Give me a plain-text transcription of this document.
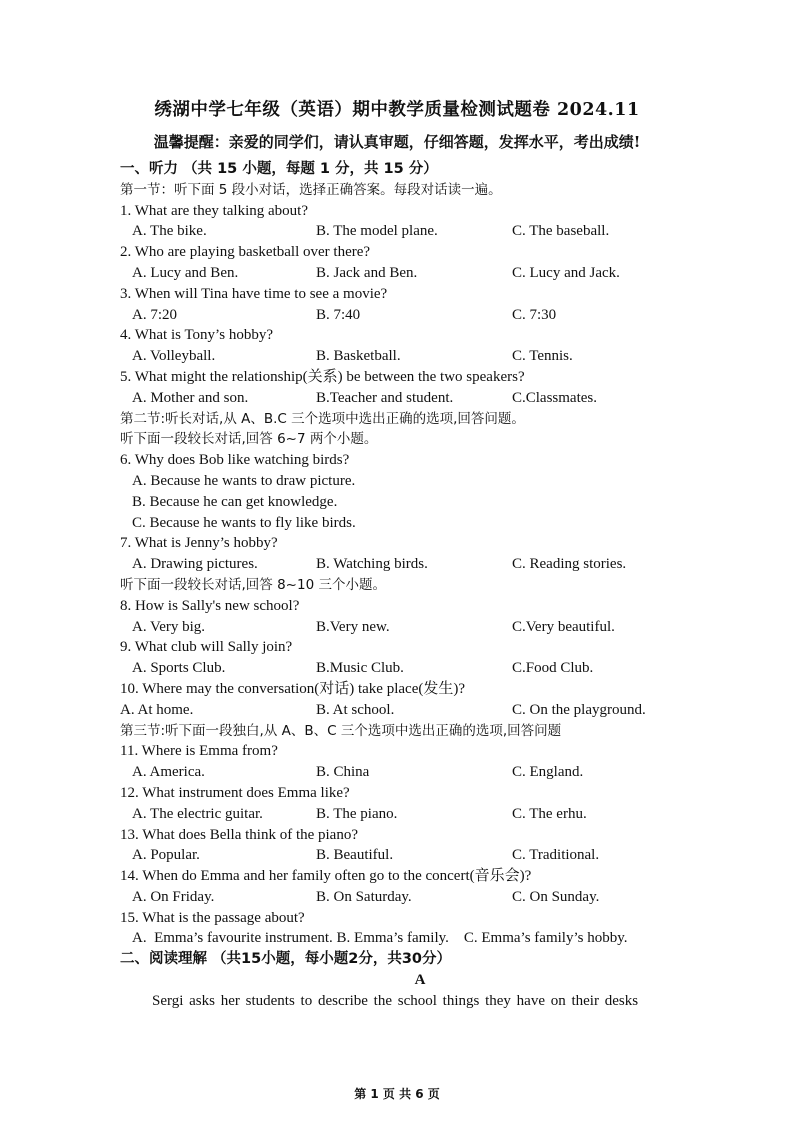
绣湖中学七年级（英语）期中教学质量检测试题卷 2024.11
温馨提醒：亲爱的同学们，请认真审题，仔细答题，发挥水平，考出成绩!
一、听力 （共 15 小题，每题 1 分，共 15 分）
第一节：听下面 5 段小对话，选择正确答案。每段对话读一遍。
1. What are they talking about?
A. The bike.	B. The model plane.	C. The baseball.
2. Who are playing basketball over there?
A. Lucy and Ben.	B. Jack and Ben.	C. Lucy and Jack.
3. When will Tina have time to see a movie?
A. 7:20	B. 7:40	C. 7:30
4. What is Tony’s hobby?
A. Volleyball.	B. Basketball.	C. Tennis.
5. What might the relationship(关系) be between the two speakers?
A. Mother and son.	B.Teacher and student.	C.Classmates.
第二节:听长对话,从 A、B.C 三个选项中选出正确的选项,回答问题。
听下面一段较长对话,回答 6~7 两个小题。
6. Why does Bob like watching birds?
A. Because he wants to draw picture.
B. Because he can get knowledge.
C. Because he wants to fly like birds.
7. What is Jenny’s hobby?
A. Drawing pictures.	B. Watching birds.	C. Reading stories.
听下面一段较长对话,回答 8~10 三个小题。
8. How is Sally's new school?
A. Very big.	B.Very new.	C.Very beautiful.
9. What club will Sally join?
A. Sports Club.	B.Music Club.	C.Food Club.
10. Where may the conversation(对话) take place(发生)?
A. At home.	B. At school.	C. On the playground.
第三节:听下面一段独白,从 A、B、C 三个选项中选出正确的选项,回答问题
11. Where is Emma from?
A. America.	B. China	C. England.
12. What instrument does Emma like?
A. The electric guitar.	B. The piano.	C. The erhu.
13. What does Bella think of the piano?
A. Popular.	B. Beautiful.	C. Traditional.
14. When do Emma and her family often go to the concert(音乐会)?
A. On Friday.	B. On Saturday.	C. On Sunday.
15. What is the passage about?
A.  Emma’s favourite instrument. B. Emma’s family.    C. Emma’s family’s hobby.
二、阅读理解 （共15小题，每小题2分，共30分）
A
Sergi asks her students to describe the school things they have on their desks
第 1 页 共 6 页
